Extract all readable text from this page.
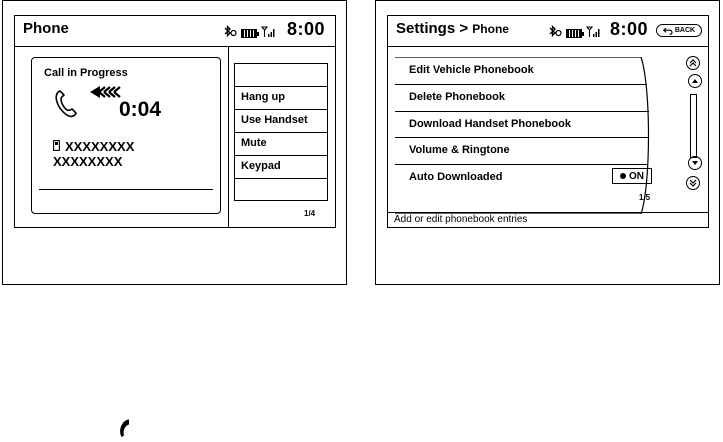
Phone	8:00
Call in Progress
0:04
XXXXXXXX
XXXXXXXX
Hang up
Use Handset
Mute
Keypad
1/4
Settings > Phone	8:00	BACK
Edit Vehicle Phonebook
Delete Phonebook
Download Handset Phonebook
Volume & Ringtone
Auto Downloaded	ON
1/5
Add or edit phonebook entries
